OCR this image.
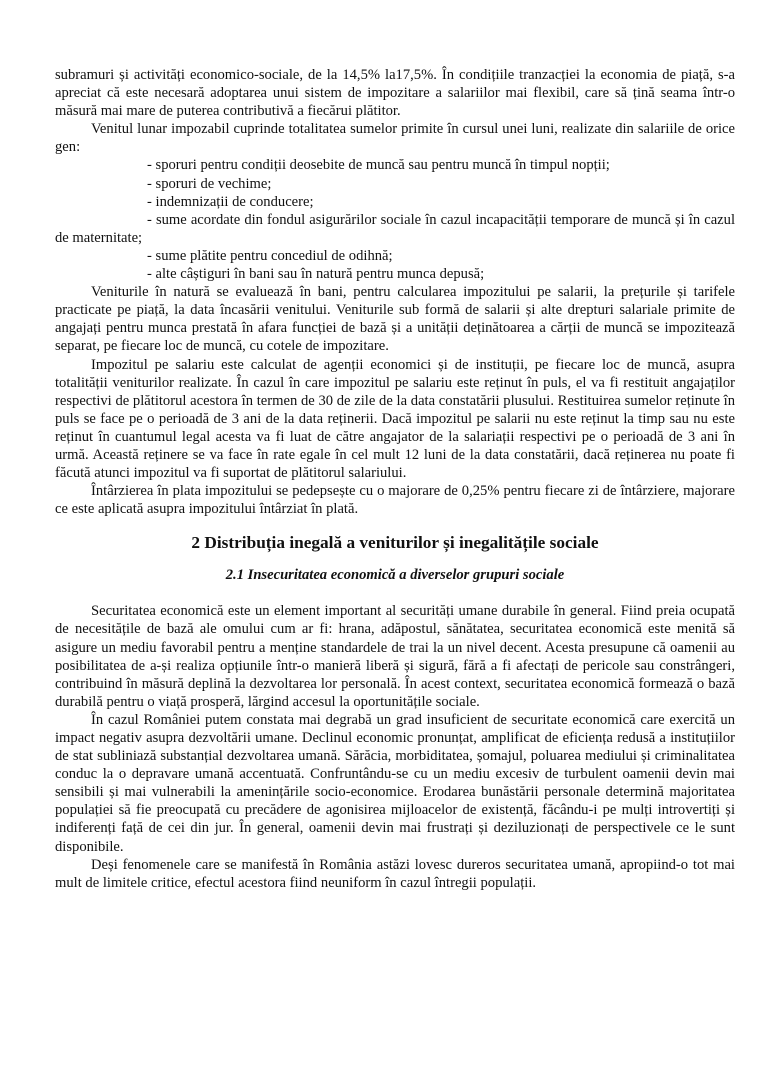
subramuri și activități economico-sociale, de la 14,5% la17,5%. În condițiile tranzacției la economia de piață, s-a apreciat că este necesară adoptarea unui sistem de impozitare a salariilor mai flexibil, care să țină seama într-o măsură mai mare de puterea contributivă a fiecărui plătitor.

Venitul lunar impozabil cuprinde totalitatea sumelor primite în cursul unei luni, realizate din salariile de orice gen:

- sporuri pentru condiții deosebite de muncă sau pentru muncă în timpul nopții;
- sporuri de vechime;
- indemnizații de conducere;
- sume acordate din fondul asigurărilor sociale în cazul incapacității temporare de muncă și în cazul de maternitate;
- sume plătite pentru concediul de odihnă;
- alte câștiguri în bani sau în natură pentru munca depusă;

Veniturile în natură se evaluează în bani, pentru calcularea impozitului pe salarii, la prețurile și tarifele practicate pe piață, la data încasării venitului. Veniturile sub formă de salarii și alte drepturi salariale primite de angajați pentru munca prestată în afara funcției de bază și a unității deținătoarea a cărții de muncă se impozitează separat, pe fiecare loc de muncă, cu cotele de impozitare.

Impozitul pe salariu este calculat de agenții economici și de instituții, pe fiecare loc de muncă, asupra totalității veniturilor realizate. În cazul în care impozitul pe salariu este reținut în puls, el va fi restituit angajaților respectivi de plătitorul acestora în termen de 30 de zile de la data constatării plusului. Restituirea sumelor reținute în puls se face pe o perioadă de 3 ani de la data reținerii. Dacă impozitul pe salarii nu este reținut la timp sau nu este reținut în cuantumul legal acesta va fi luat de către angajator de la salariații respectivi pe o perioadă de 3 ani în urmă. Această reținere se va face în rate egale în cel mult 12 luni de la data constatării, dacă reținerea nu poate fi făcută atunci impozitul va fi suportat de plătitorul salariului.

Întârzierea în plata impozitului se pedepsește cu o majorare de 0,25% pentru fiecare zi de întârziere, majorare ce este aplicată asupra impozitului întârziat în plată.

2 Distribuția inegală a veniturilor și inegalitățile sociale
2.1 Insecuritatea economică a diverselor grupuri sociale

Securitatea economică este un element important al securități umane durabile în general. Fiind preia ocupată de necesitățile de bază ale omului cum ar fi: hrana, adăpostul, sănătatea, securitatea economică este menită să asigure un mediu favorabil pentru a menține standardele de trai la un nivel decent. Acesta presupune că oamenii au posibilitatea de a-și realiza opțiunile într-o manieră liberă și sigură, fără a fi afectați de pericole sau constrângeri, contribuind în măsură deplină la dezvoltarea lor personală. În acest context, securitatea economică formează o bază durabilă pentru o viață prosperă, lărgind accesul la oportunitățile sociale.

În cazul României putem constata mai degrabă un grad insuficient de securitate economică care exercită un impact negativ asupra dezvoltării umane. Declinul economic pronunțat, amplificat de eficiența redusă a instituțiilor de stat subliniază substanțial dezvoltarea umană. Sărăcia, morbiditatea, șomajul, poluarea mediului și criminalitatea conduc la o depravare umană accentuată. Confruntându-se cu un mediu excesiv de turbulent oamenii devin mai sensibili și mai vulnerabili la amenințările socio-economice. Erodarea bunăstării personale determină majoritatea populației să fie preocupată cu precădere de agonisirea mijloacelor de existență, făcându-i pe mulți introvertiți și indiferenți față de cei din jur. În general, oamenii devin mai frustrați și deziluzionați de perspectivele ce le sunt disponibile.

Deși fenomenele care se manifestă în România astăzi lovesc dureros securitatea umană, apropiind-o tot mai mult de limitele critice, efectul acestora fiind neuniform în cazul întregii populații.
